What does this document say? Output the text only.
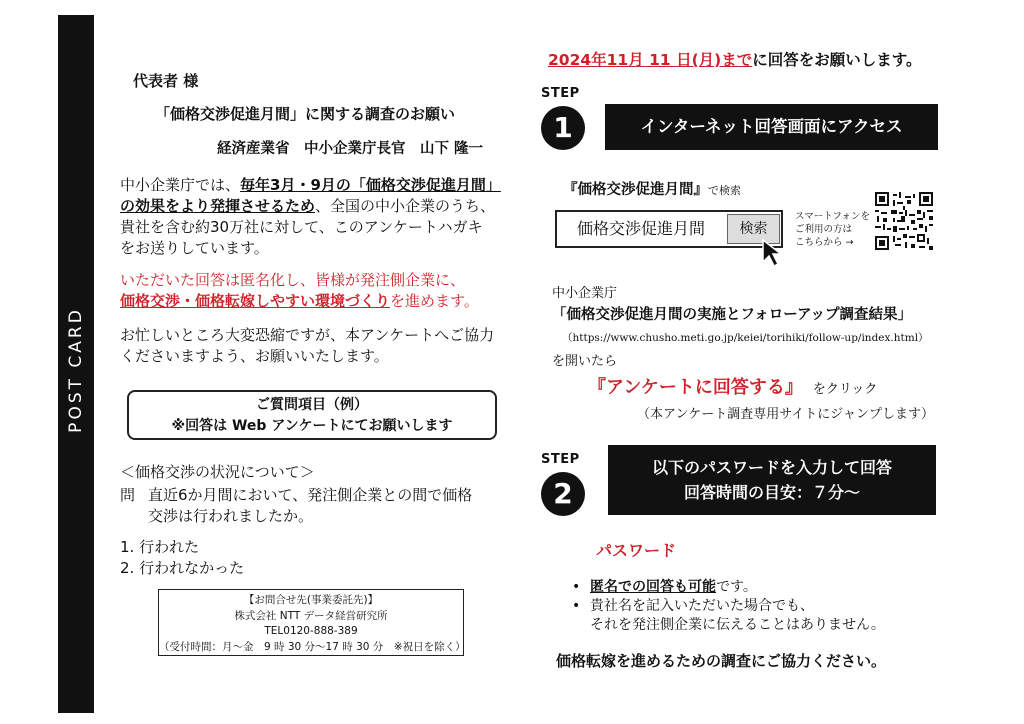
POST CARD
代表者 様
「価格交渉促進月間」に関する調査のお願い
経済産業省　中小企業庁長官　山下 隆一
中小企業庁では、毎年3月・9月の「価格交渉促進月間」
の効果をより発揮させるため、全国の中小企業のうち、
貴社を含む約30万社に対して、このアンケートハガキ
をお送りしています。
いただいた回答は匿名化し、皆様が発注側企業に、
価格交渉・価格転嫁しやすい環境づくりを進めます。
お忙しいところ大変恐縮ですが、本アンケートへご協力
くださいますよう、お願いいたします。
ご質問項目（例）
※回答は Web アンケートにてお願いします
＜価格交渉の状況について＞
問 直近6か月間において、発注側企業との間で価格
交渉は行われましたか。
1. 行われた
2. 行われなかった
【お問合せ先(事業委託先)】
株式会社 NTT データ経営研究所
TEL0120-888-389
（受付時間：月～金　9 時 30 分～17 時 30 分　※祝日を除く）
2024年11月 11 日(月)までに回答をお願いします。
STEP
1	インターネット回答画面にアクセス
『価格交渉促進月間』で検索
価格交渉促進月間	検索
スマートフォンを
ご利用の方は
こちらから →
中小企業庁
「価格交渉促進月間の実施とフォローアップ調査結果」
（https://www.chusho.meti.go.jp/keiei/torihiki/follow-up/index.html）
を開いたら
『アンケートに回答する』 をクリック
（本アンケート調査専用サイトにジャンプします）
STEP
2
以下のパスワードを入力して回答
回答時間の目安：７分～
パスワード
• 匿名での回答も可能です。
• 貴社名を記入いただいた場合でも、
それを発注側企業に伝えることはありません。
価格転嫁を進めるための調査にご協力ください。
